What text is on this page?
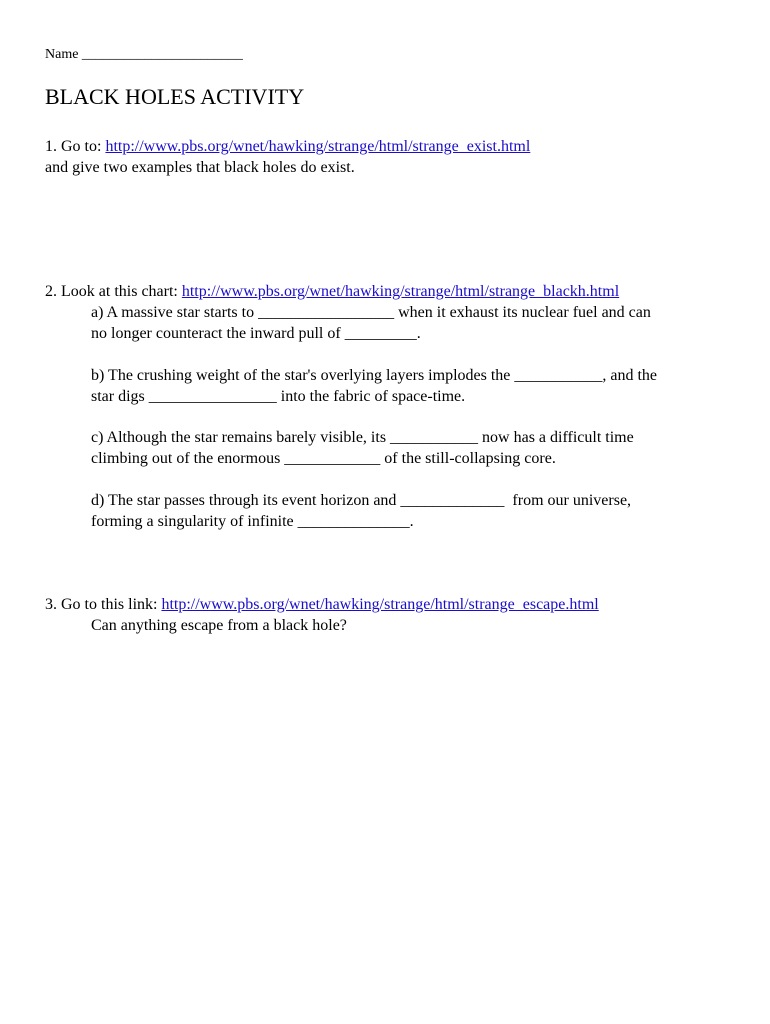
Name _______________________
BLACK HOLES ACTIVITY
1. Go to: http://www.pbs.org/wnet/hawking/strange/html/strange_exist.html
and give two examples that black holes do exist.
2. Look at this chart: http://www.pbs.org/wnet/hawking/strange/html/strange_blackh.html
a) A massive star starts to _________________ when it exhaust its nuclear fuel and can
no longer counteract the inward pull of _________.
b) The crushing weight of the star's overlying layers implodes the ___________, and the
star digs ________________ into the fabric of space-time.
c) Although the star remains barely visible, its ___________ now has a difficult time
climbing out of the enormous ____________ of the still-collapsing core.
d) The star passes through its event horizon and _____________  from our universe,
forming a singularity of infinite ______________.
3. Go to this link: http://www.pbs.org/wnet/hawking/strange/html/strange_escape.html
Can anything escape from a black hole?
